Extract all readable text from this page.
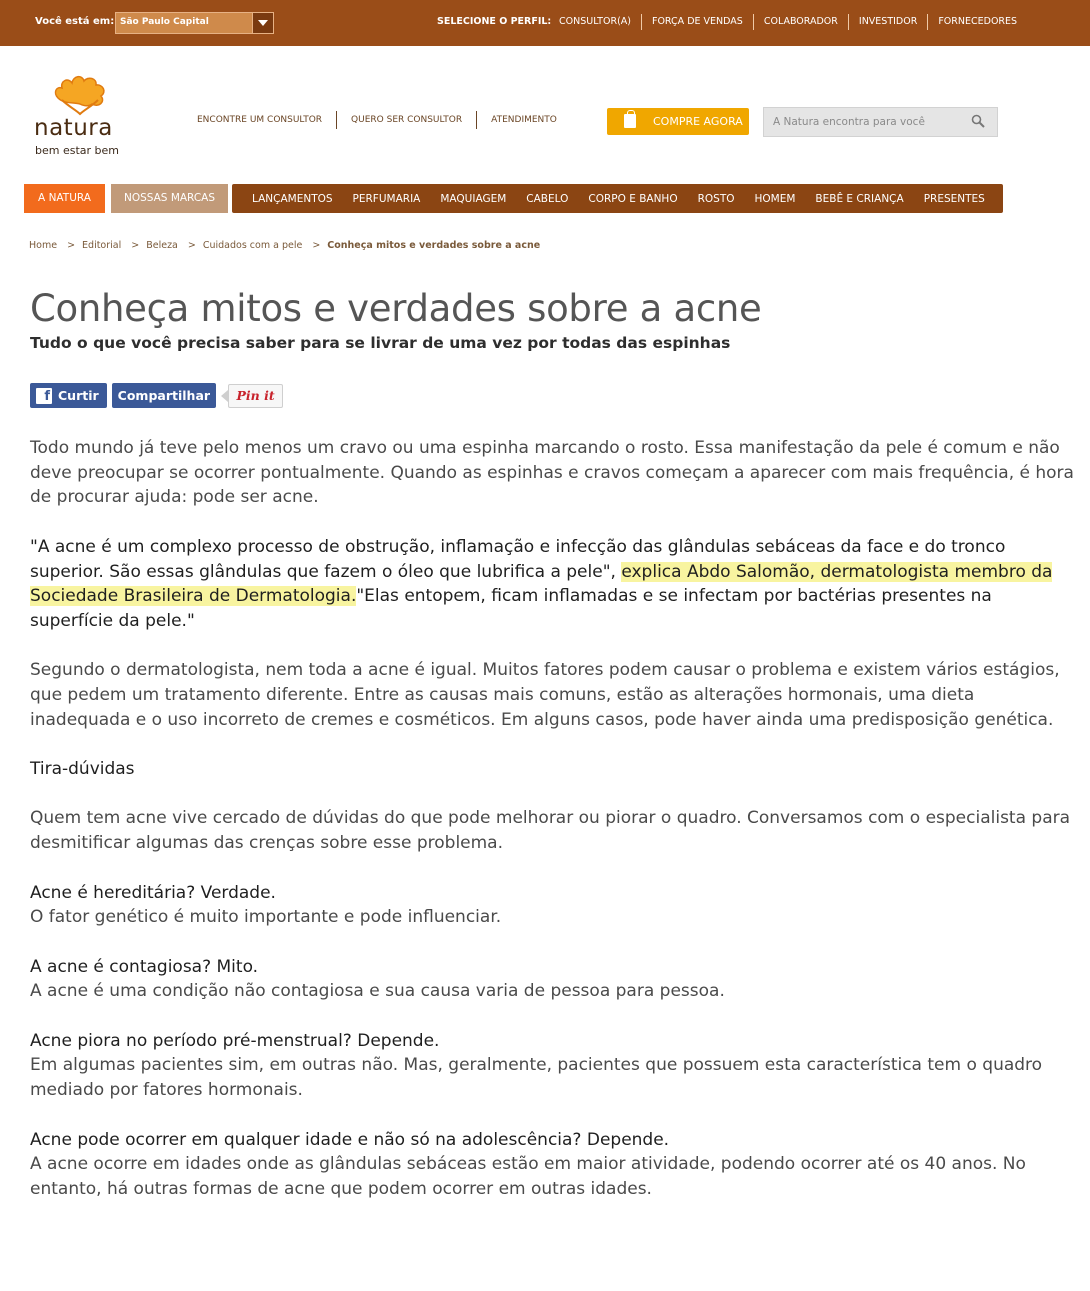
Você está em: São Paulo Capital	SELECIONE O PERFIL: CONSULTOR(A)	FORÇA DE VENDAS	COLABORADOR	INVESTIDOR	FORNECEDORES
natura
bem estar bem
ENCONTRE UM CONSULTOR	QUERO SER CONSULTOR	ATENDIMENTO	COMPRE AGORA
A Natura encontra para você
A NATURA	NOSSAS MARCAS	LANÇAMENTOS	PERFUMARIA	MAQUIAGEM	CABELO	CORPO E BANHO	ROSTO	HOMEM	BEBÊ E CRIANÇA	PRESENTES
Home > Editorial > Beleza > Cuidados com a pele > Conheça mitos e verdades sobre a acne
Conheça mitos e verdades sobre a acne
Tudo o que você precisa saber para se livrar de uma vez por todas das espinhas
f Curtir	Compartilhar	Pin it

Todo mundo já teve pelo menos um cravo ou uma espinha marcando o rosto. Essa manifestação da pele é comum e não deve preocupar se ocorrer pontualmente. Quando as espinhas e cravos começam a aparecer com mais frequência, é hora de procurar ajuda: pode ser acne.

"A acne é um complexo processo de obstrução, inflamação e infecção das glândulas sebáceas da face e do tronco superior. São essas glândulas que fazem o óleo que lubrifica a pele", explica Abdo Salomão, dermatologista membro da Sociedade Brasileira de Dermatologia."Elas entopem, ficam inflamadas e se infectam por bactérias presentes na superfície da pele."

Segundo o dermatologista, nem toda a acne é igual. Muitos fatores podem causar o problema e existem vários estágios, que pedem um tratamento diferente. Entre as causas mais comuns, estão as alterações hormonais, uma dieta inadequada e o uso incorreto de cremes e cosméticos. Em alguns casos, pode haver ainda uma predisposição genética.

Tira-dúvidas

Quem tem acne vive cercado de dúvidas do que pode melhorar ou piorar o quadro. Conversamos com o especialista para desmitificar algumas das crenças sobre esse problema.

Acne é hereditária? Verdade.
O fator genético é muito importante e pode influenciar.

A acne é contagiosa? Mito.
A acne é uma condição não contagiosa e sua causa varia de pessoa para pessoa.

Acne piora no período pré-menstrual? Depende.
Em algumas pacientes sim, em outras não. Mas, geralmente, pacientes que possuem esta característica tem o quadro mediado por fatores hormonais.

Acne pode ocorrer em qualquer idade e não só na adolescência? Depende.
A acne ocorre em idades onde as glândulas sebáceas estão em maior atividade, podendo ocorrer até os 40 anos. No entanto, há outras formas de acne que podem ocorrer em outras idades.
